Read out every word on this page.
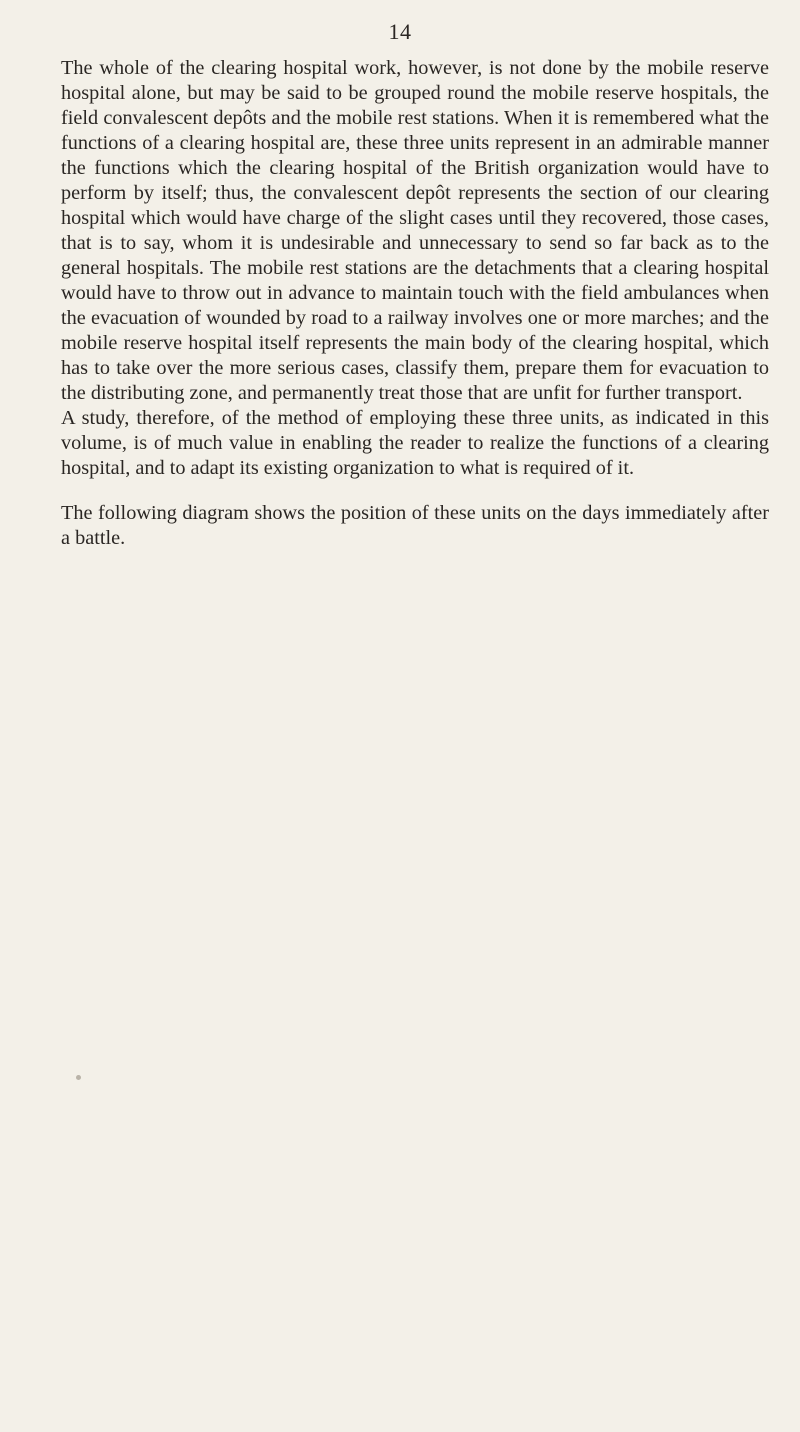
14

The whole of the clearing hospital work, however, is not done by the mobile reserve hospital alone, but may be said to be grouped round the mobile reserve hospitals, the field convalescent depôts and the mobile rest stations. When it is remembered what the functions of a clearing hospital are, these three units represent in an admirable manner the functions which the clearing hospital of the British organization would have to perform by itself; thus, the convalescent depôt represents the section of our clearing hospital which would have charge of the slight cases until they recovered, those cases, that is to say, whom it is undesirable and unnecessary to send so far back as to the general hospitals. The mobile rest stations are the detachments that a clearing hospital would have to throw out in advance to maintain touch with the field ambulances when the evacuation of wounded by road to a railway involves one or more marches; and the mobile reserve hospital itself represents the main body of the clearing hospital, which has to take over the more serious cases, classify them, prepare them for evacuation to the distributing zone, and permanently treat those that are unfit for further transport.

A study, therefore, of the method of employing these three units, as indicated in this volume, is of much value in enabling the reader to realize the functions of a clearing hospital, and to adapt its existing organization to what is required of it.

The following diagram shows the position of these units on the days immediately after a battle.
